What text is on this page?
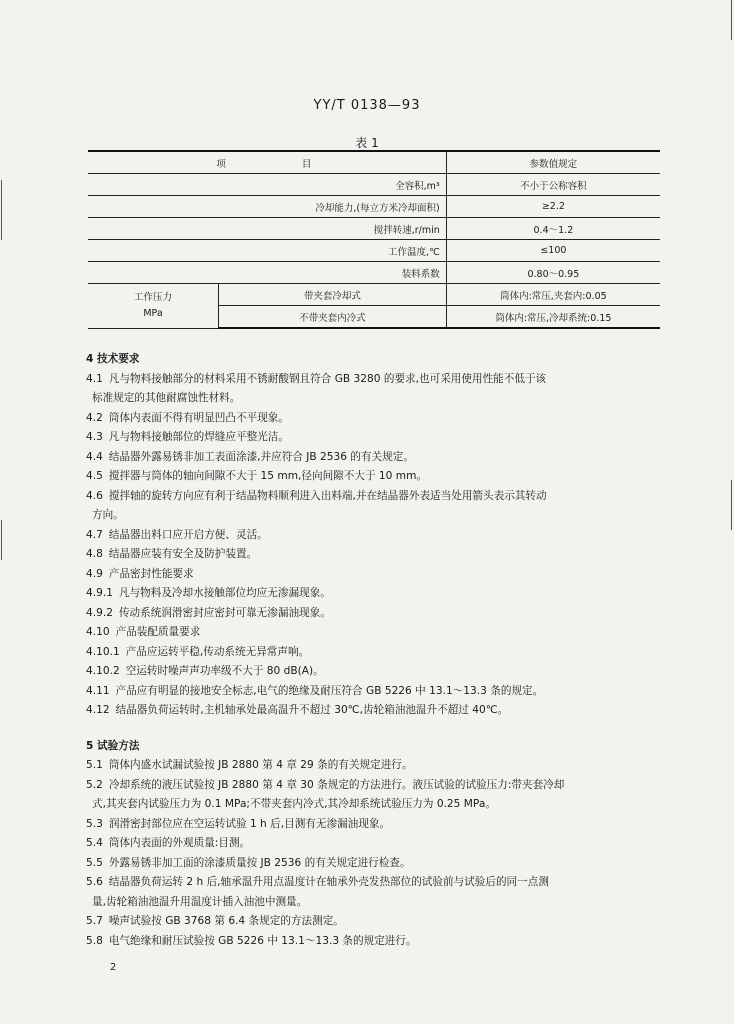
YY/T 0138—93
表 1
项 目		参数值规定
全容积,m³		不小于公称容积
冷却能力,(每立方米冷却面积)		≥2.2
搅拌转速,r/min		0.4～1.2
工作温度,℃		≤100
装料系数		0.80～0.95

工作压力
MPa	带夹套冷却式	筒体内:常压,夹套内:0.05
	不带夹套内冷式	筒体内:常压,冷却系统:0.15
4 技术要求
4.1 凡与物料接触部分的材料采用不锈耐酸钢且符合 GB 3280 的要求,也可采用使用性能不低于该
标准规定的其他耐腐蚀性材料。
4.2 筒体内表面不得有明显凹凸不平现象。
4.3 凡与物料接触部位的焊缝应平整光洁。
4.4 结晶器外露易锈非加工表面涂漆,并应符合 JB 2536 的有关规定。
4.5 搅拌器与筒体的轴向间隙不大于 15 mm,径向间隙不大于 10 mm。
4.6 搅拌轴的旋转方向应有利于结晶物料顺利进入出料端,并在结晶器外表适当处用箭头表示其转动
方向。
4.7 结晶器出料口应开启方便、灵活。
4.8 结晶器应装有安全及防护装置。
4.9 产品密封性能要求
4.9.1 凡与物料及冷却水接触部位均应无渗漏现象。
4.9.2 传动系统润滑密封应密封可靠无渗漏油现象。
4.10 产品装配质量要求
4.10.1 产品应运转平稳,传动系统无异常声响。
4.10.2 空运转时噪声声功率级不大于 80 dB(A)。
4.11 产品应有明显的接地安全标志,电气的绝缘及耐压符合 GB 5226 中 13.1～13.3 条的规定。
4.12 结晶器负荷运转时,主机轴承处最高温升不超过 30℃,齿轮箱油池温升不超过 40℃。
5 试验方法
5.1 筒体内盛水试漏试验按 JB 2880 第 4 章 29 条的有关规定进行。
5.2 冷却系统的液压试验按 JB 2880 第 4 章 30 条规定的方法进行。液压试验的试验压力:带夹套冷却
式,其夹套内试验压力为 0.1 MPa;不带夹套内冷式,其冷却系统试验压力为 0.25 MPa。
5.3 润滑密封部位应在空运转试验 1 h 后,目测有无渗漏油现象。
5.4 筒体内表面的外观质量:目测。
5.5 外露易锈非加工面的涂漆质量按 JB 2536 的有关规定进行检查。
5.6 结晶器负荷运转 2 h 后,轴承温升用点温度计在轴承外壳发热部位的试验前与试验后的同一点测
量,齿轮箱油池温升用温度计插入油池中测量。
5.7 噪声试验按 GB 3768 第 6.4 条规定的方法测定。
5.8 电气绝缘和耐压试验按 GB 5226 中 13.1～13.3 条的规定进行。
2
